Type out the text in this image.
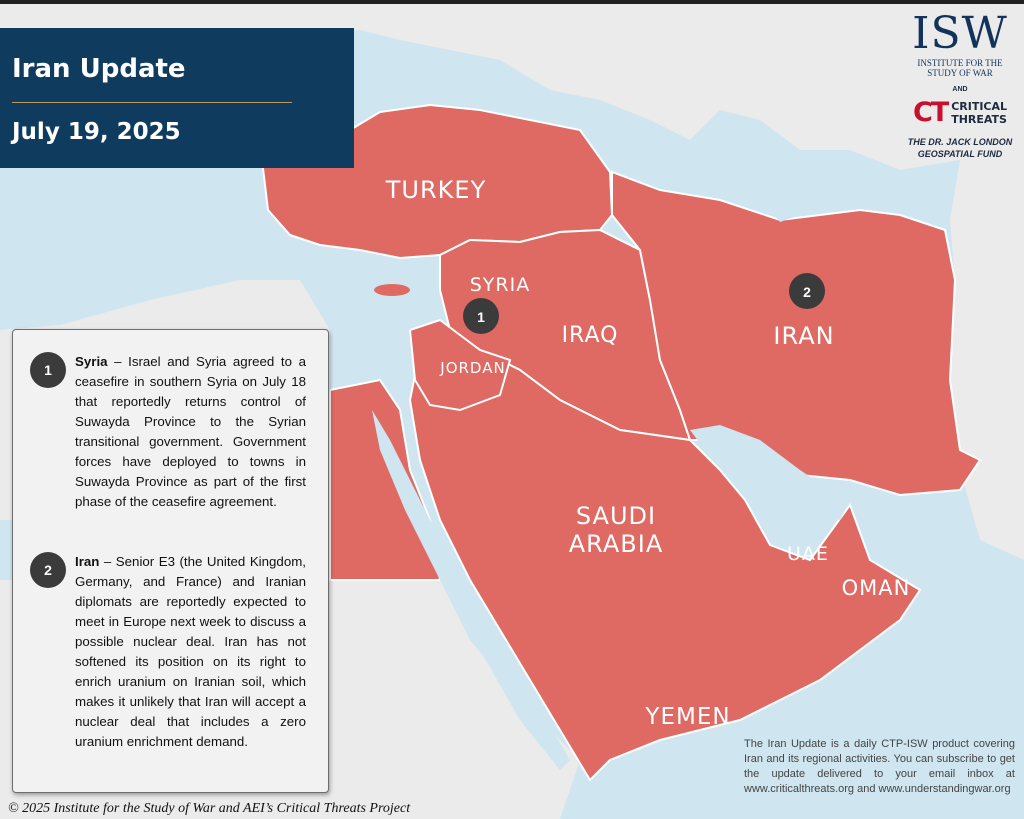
TURKEY
SYRIA
IRAQ	IRAN
JORDAN
SAUDI
ARABIA	UAE
OMAN
YEMEN
1
2
Iran Update
July 19, 2025
ISW
INSTITUTE FOR THE
STUDY OF WAR
AND
CT CRITICAL
THREATS
THE DR. JACK LONDON
GEOSPATIAL FUND
1
Syria – Israel and Syria agreed to a ceasefire in southern Syria on July 18 that reportedly returns control of Suwayda Province to the Syrian transitional government. Government forces have deployed to towns in Suwayda Province as part of the first phase of the ceasefire agreement.
2
Iran – Senior E3 (the United Kingdom, Germany, and France) and Iranian diplomats are reportedly expected to meet in Europe next week to discuss a possible nuclear deal. Iran has not softened its position on its right to enrich uranium on Iranian soil, which makes it unlikely that Iran will accept a nuclear deal that includes a zero uranium enrichment demand.	The Iran Update is a daily CTP-ISW product covering Iran and its regional activities. You can subscribe to get the update delivered to your email inbox at www.criticalthreats.org and www.understandingwar.org
© 2025 Institute for the Study of War and AEI’s Critical Threats Project
